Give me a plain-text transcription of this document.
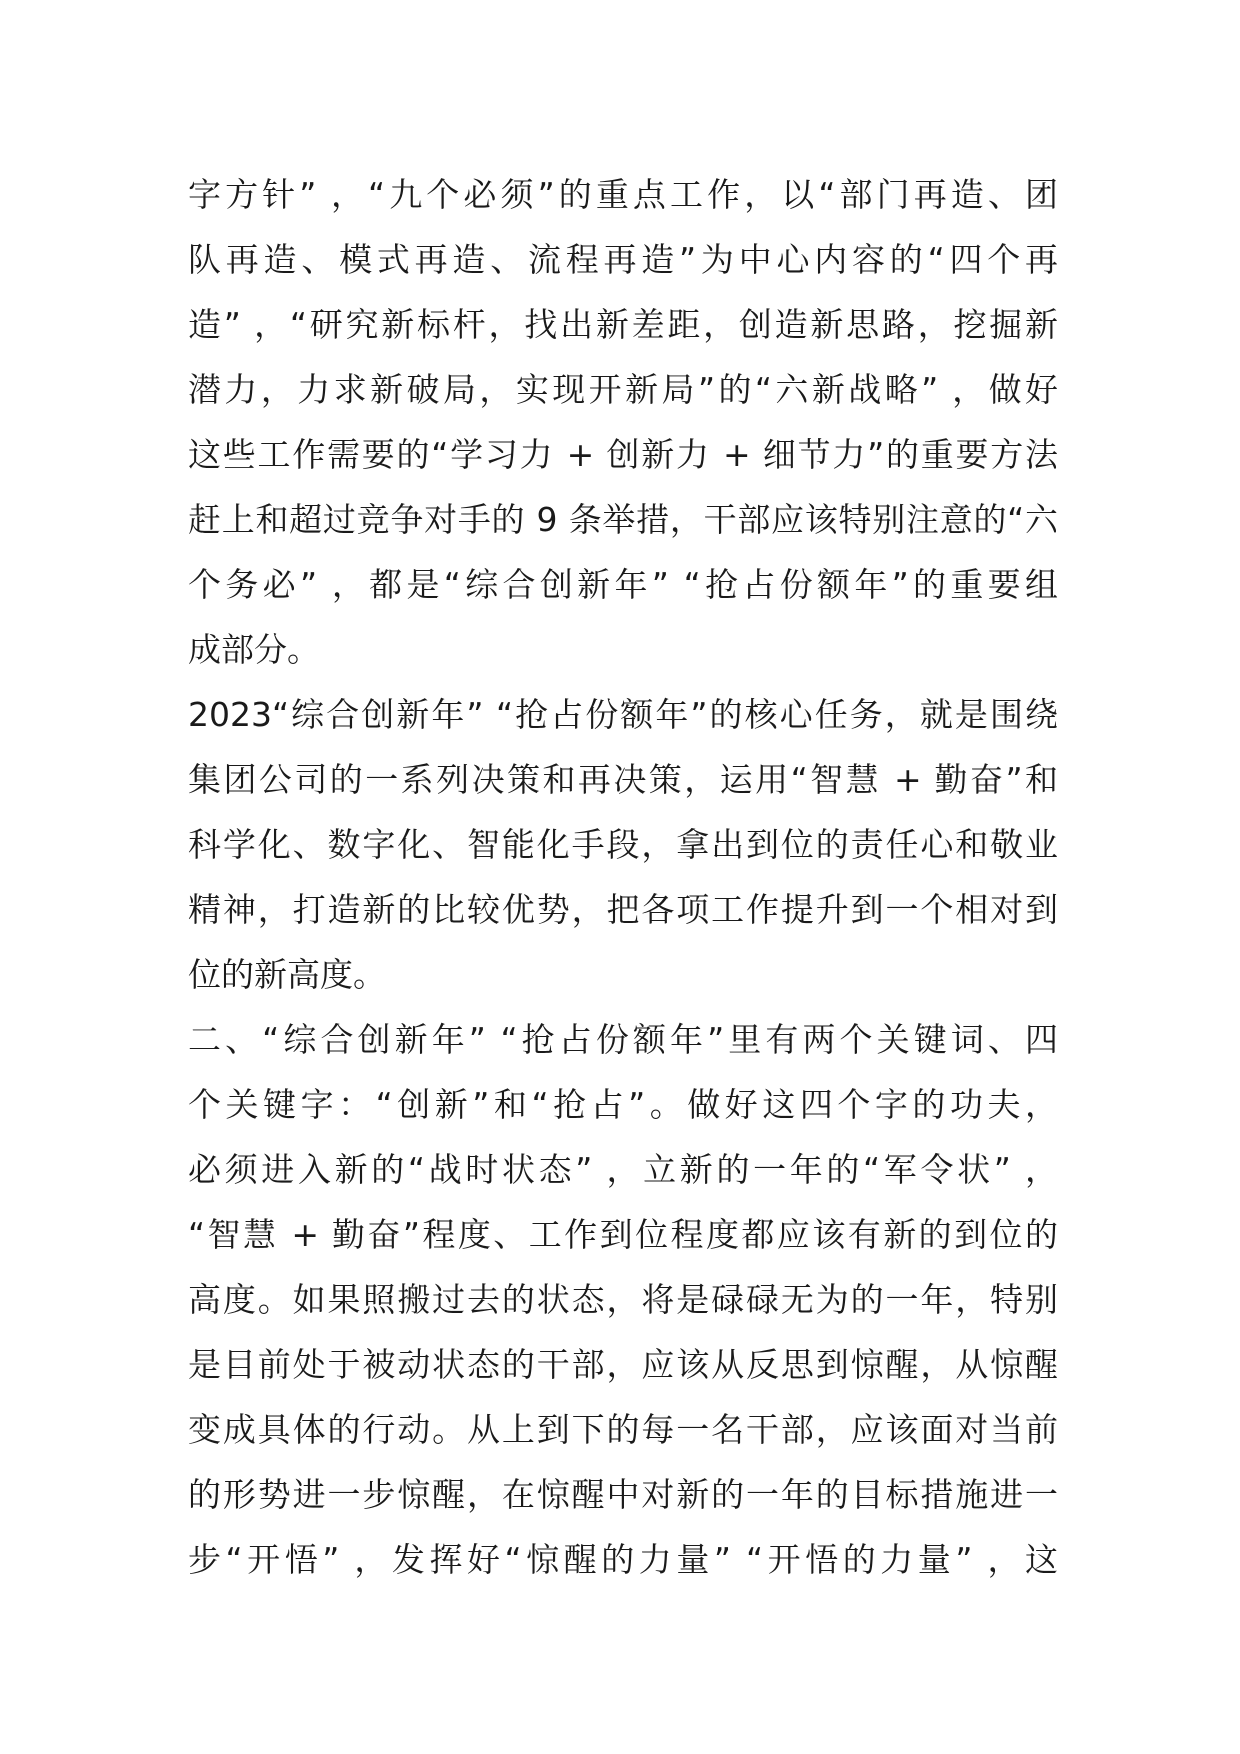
字方针” ，“九个必须”的重点工作，以“部门再造、团
队再造、模式再造、流程再造”为中心内容的“四个再
造” ，“研究新标杆，找出新差距，创造新思路，挖掘新
潜力，力求新破局，实现开新局”的“六新战略” ，做好
这些工作需要的“学习力 + 创新力 + 细节力”的重要方法
赶上和超过竞争对手的 9 条举措，干部应该特别注意的“六
个务必” ，都是“综合创新年” “抢占份额年”的重要组
成部分。
2023“综合创新年” “抢占份额年”的核心任务，就是围绕
集团公司的一系列决策和再决策，运用“智慧 + 勤奋”和
科学化、数字化、智能化手段，拿出到位的责任心和敬业
精神，打造新的比较优势，把各项工作提升到一个相对到
位的新高度。
二、“综合创新年” “抢占份额年”里有两个关键词、四
个关键字：“创新”和“抢占”。做好这四个字的功夫，
必须进入新的“战时状态” ，立新的一年的“军令状” ，
“智慧 + 勤奋”程度、工作到位程度都应该有新的到位的
高度。如果照搬过去的状态，将是碌碌无为的一年，特别
是目前处于被动状态的干部，应该从反思到惊醒，从惊醒
变成具体的行动。从上到下的每一名干部，应该面对当前
的形势进一步惊醒，在惊醒中对新的一年的目标措施进一
步“开悟” ，发挥好“惊醒的力量” “开悟的力量” ，这
